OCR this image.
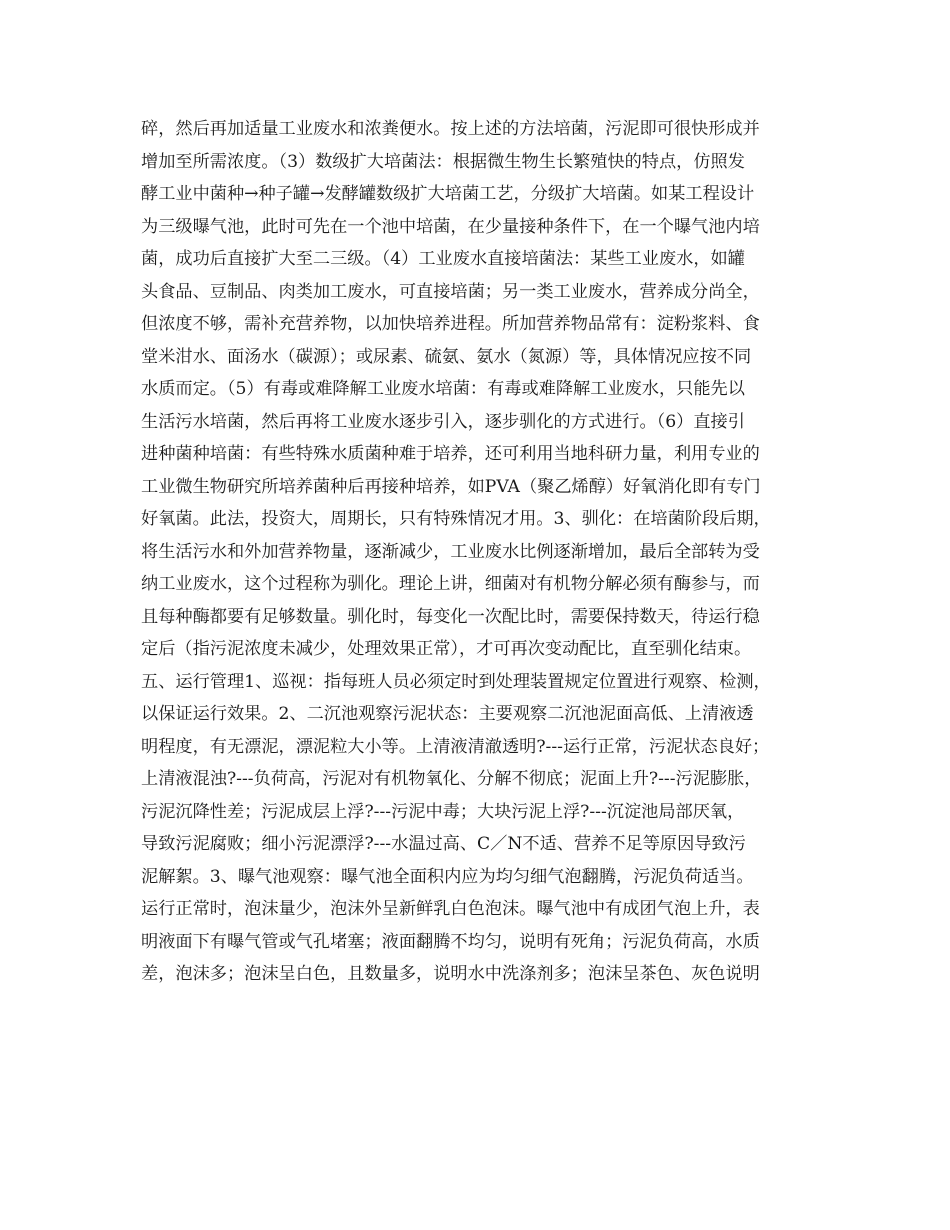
碎，然后再加适量工业废水和浓粪便水。按上述的方法培菌，污泥即可很快形成并
增加至所需浓度。（3）数级扩大培菌法：根据微生物生长繁殖快的特点，仿照发
酵工业中菌种→种子罐→发酵罐数级扩大培菌工艺，分级扩大培菌。如某工程设计
为三级曝气池，此时可先在一个池中培菌，在少量接种条件下，在一个曝气池内培
菌，成功后直接扩大至二三级。（4）工业废水直接培菌法：某些工业废水，如罐
头食品、豆制品、肉类加工废水，可直接培菌；另一类工业废水，营养成分尚全，
但浓度不够，需补充营养物，以加快培养进程。所加营养物品常有：淀粉浆料、食
堂米泔水、面汤水（碳源）；或尿素、硫氨、氨水（氮源）等，具体情况应按不同
水质而定。（5）有毒或难降解工业废水培菌：有毒或难降解工业废水，只能先以
生活污水培菌，然后再将工业废水逐步引入，逐步驯化的方式进行。（6）直接引
进种菌种培菌：有些特殊水质菌种难于培养，还可利用当地科研力量，利用专业的
工业微生物研究所培养菌种后再接种培养，如PVA（聚乙烯醇）好氧消化即有专门
好氧菌。此法，投资大，周期长，只有特殊情况才用。3、驯化：在培菌阶段后期，
将生活污水和外加营养物量，逐渐减少，工业废水比例逐渐增加，最后全部转为受
纳工业废水，这个过程称为驯化。理论上讲，细菌对有机物分解必须有酶参与，而
且每种酶都要有足够数量。驯化时，每变化一次配比时，需要保持数天，待运行稳
定后（指污泥浓度未减少，处理效果正常），才可再次变动配比，直至驯化结束。
五、运行管理1、巡视：指每班人员必须定时到处理装置规定位置进行观察、检测，
以保证运行效果。2、二沉池观察污泥状态：主要观察二沉池泥面高低、上清液透
明程度，有无漂泥，漂泥粒大小等。上清液清澈透明?---运行正常，污泥状态良好；
上清液混浊?---负荷高，污泥对有机物氧化、分解不彻底；泥面上升?---污泥膨胀，
污泥沉降性差；污泥成层上浮?---污泥中毒；大块污泥上浮?---沉淀池局部厌氧，
导致污泥腐败；细小污泥漂浮?---水温过高、C／N不适、营养不足等原因导致污
泥解絮。3、曝气池观察：曝气池全面积内应为均匀细气泡翻腾，污泥负荷适当。
运行正常时，泡沫量少，泡沫外呈新鲜乳白色泡沫。曝气池中有成团气泡上升，表
明液面下有曝气管或气孔堵塞；液面翻腾不均匀，说明有死角；污泥负荷高，水质
差，泡沫多；泡沫呈白色，且数量多，说明水中洗涤剂多；泡沫呈茶色、灰色说明
